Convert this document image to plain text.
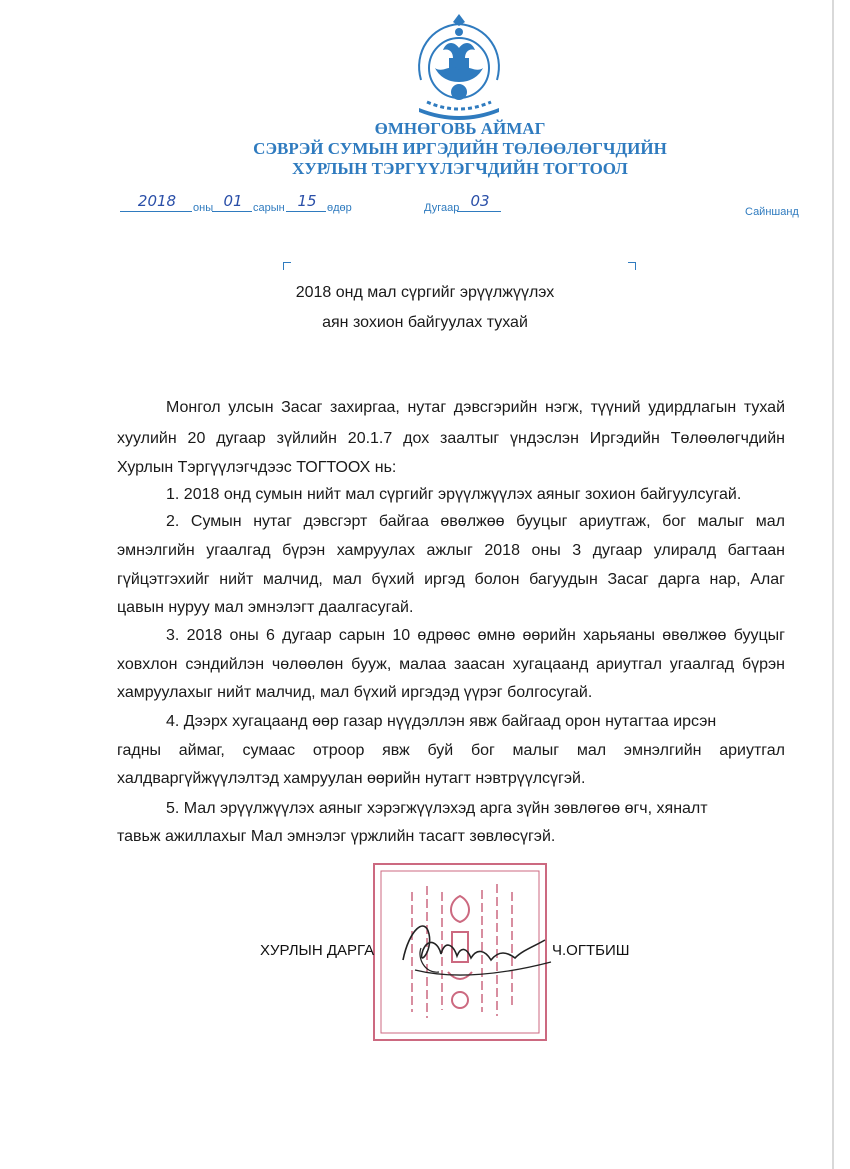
ӨМНӨГОВЬ АЙМАГ
СЭВРЭЙ СУМЫН ИРГЭДИЙН ТӨЛӨӨЛӨГЧДИЙН
ХУРЛЫН ТЭРГҮҮЛЭГЧДИЙН ТОГТООЛ
2018	оны 01 сарын 15 өдөр	Дугаар 03
Сайншанд
2018 онд мал сүргийг эрүүлжүүлэх
аян зохион байгуулах тухай
Монгол улсын Засаг захиргаа, нутаг дэвсгэрийн нэгж, түүний удирдлагын тухай
хуулийн 20 дугаар зүйлийн 20.1.7 дох заалтыг үндэслэн Иргэдийн Төлөөлөгчдийн
Хурлын Тэргүүлэгчдээс ТОГТООХ нь:
1. 2018 онд сумын нийт мал сүргийг эрүүлжүүлэх аяныг зохион байгуулсугай.
2. Сумын нутаг дэвсгэрт байгаа өвөлжөө бууцыг ариутгаж, бог малыг мал
эмнэлгийн угаалгад бүрэн хамруулах ажлыг 2018 оны 3 дугаар улиралд багтаан
гүйцэтгэхийг нийт малчид, мал бүхий иргэд болон багуудын Засаг дарга нар, Алаг
цавын нуруу мал эмнэлэгт даалгасугай.
3. 2018 оны 6 дугаар сарын 10 өдрөөс өмнө өөрийн харьяаны өвөлжөө бууцыг
ховхлон сэндийлэн чөлөөлөн бууж, малаа заасан хугацаанд ариутгал угаалгад бүрэн
хамруулахыг нийт малчид, мал бүхий иргэдэд үүрэг болгосугай.
4. Дээрх хугацаанд өөр газар нүүдэллэн явж байгаад орон нутагтаа ирсэн
гадны аймаг, сумаас отроор явж буй бог малыг мал эмнэлгийн ариутгал
халдваргүйжүүлэлтэд хамруулан өөрийн нутагт нэвтрүүлсүгэй.
5. Мал эрүүлжүүлэх аяныг хэрэгжүүлэхэд арга зүйн зөвлөгөө өгч, хяналт
тавьж ажиллахыг Мал эмнэлэг үржлийн тасагт зөвлөсүгэй.
ХУРЛЫН ДАРГА	Ч.ОГТБИШ
